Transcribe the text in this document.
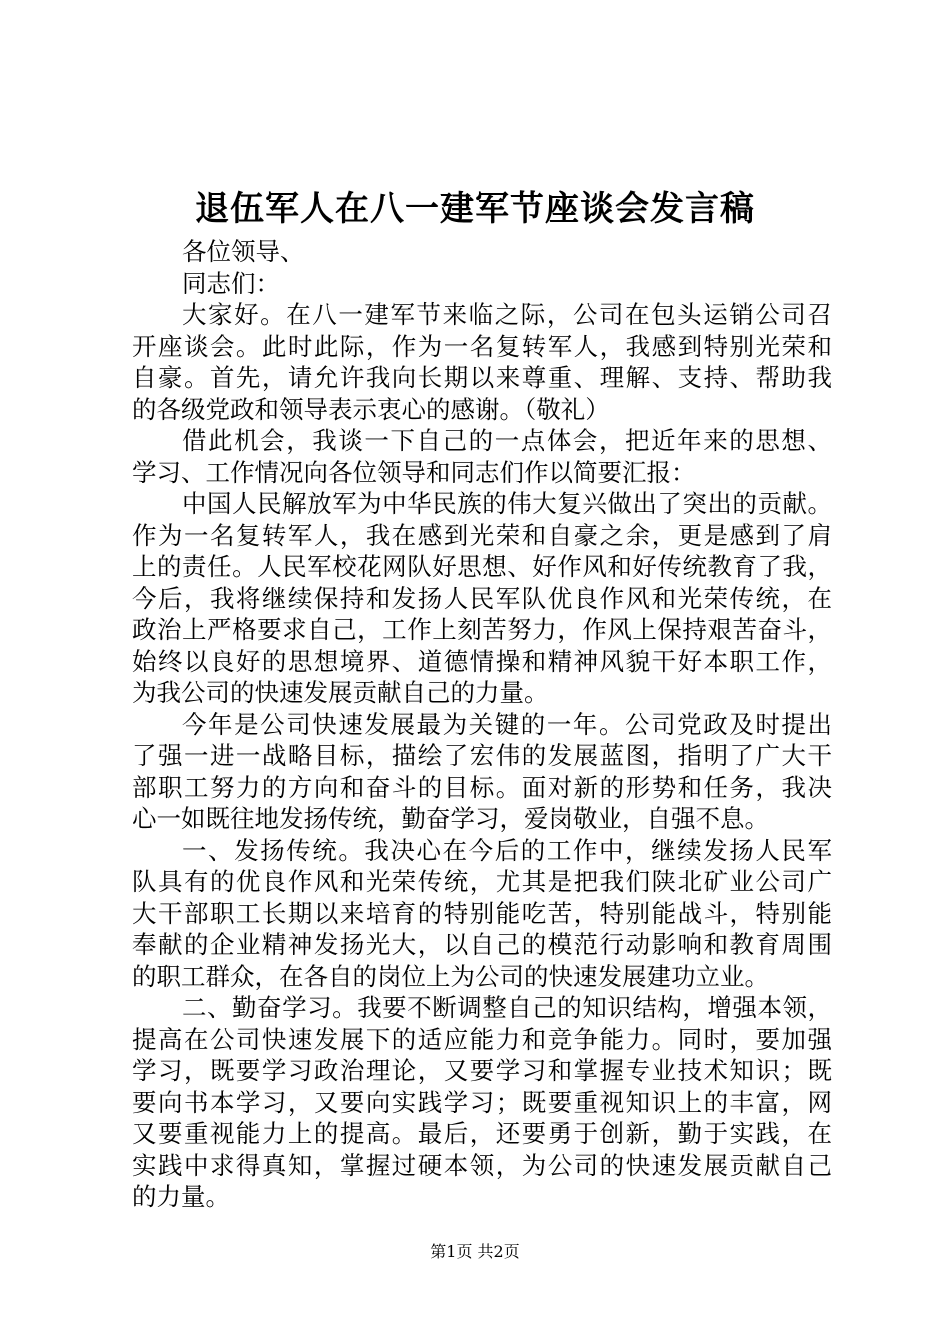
退伍军人在八一建军节座谈会发言稿
各位领导、
同志们：
大家好。在八一建军节来临之际，公司在包头运销公司召
开座谈会。此时此际，作为一名复转军人，我感到特别光荣和
自豪。首先，请允许我向长期以来尊重、理解、支持、帮助我
的各级党政和领导表示衷心的感谢。（敬礼）
借此机会，我谈一下自己的一点体会，把近年来的思想、
学习、工作情况向各位领导和同志们作以简要汇报：
中国人民解放军为中华民族的伟大复兴做出了突出的贡献。
作为一名复转军人，我在感到光荣和自豪之余，更是感到了肩
上的责任。人民军校花网队好思想、好作风和好传统教育了我，
今后，我将继续保持和发扬人民军队优良作风和光荣传统，在
政治上严格要求自己，工作上刻苦努力，作风上保持艰苦奋斗，
始终以良好的思想境界、道德情操和精神风貌干好本职工作，
为我公司的快速发展贡献自己的力量。
今年是公司快速发展最为关键的一年。公司党政及时提出
了强一进一战略目标，描绘了宏伟的发展蓝图，指明了广大干
部职工努力的方向和奋斗的目标。面对新的形势和任务，我决
心一如既往地发扬传统，勤奋学习，爱岗敬业，自强不息。
一、发扬传统。我决心在今后的工作中，继续发扬人民军
队具有的优良作风和光荣传统，尤其是把我们陕北矿业公司广
大干部职工长期以来培育的特别能吃苦，特别能战斗，特别能
奉献的企业精神发扬光大，以自己的模范行动影响和教育周围
的职工群众，在各自的岗位上为公司的快速发展建功立业。
二、勤奋学习。我要不断调整自己的知识结构，增强本领，
提高在公司快速发展下的适应能力和竞争能力。同时，要加强
学习，既要学习政治理论，又要学习和掌握专业技术知识；既
要向书本学习，又要向实践学习；既要重视知识上的丰富，网
又要重视能力上的提高。最后，还要勇于创新，勤于实践，在
实践中求得真知，掌握过硬本领，为公司的快速发展贡献自己
的力量。
第1页 共2页
